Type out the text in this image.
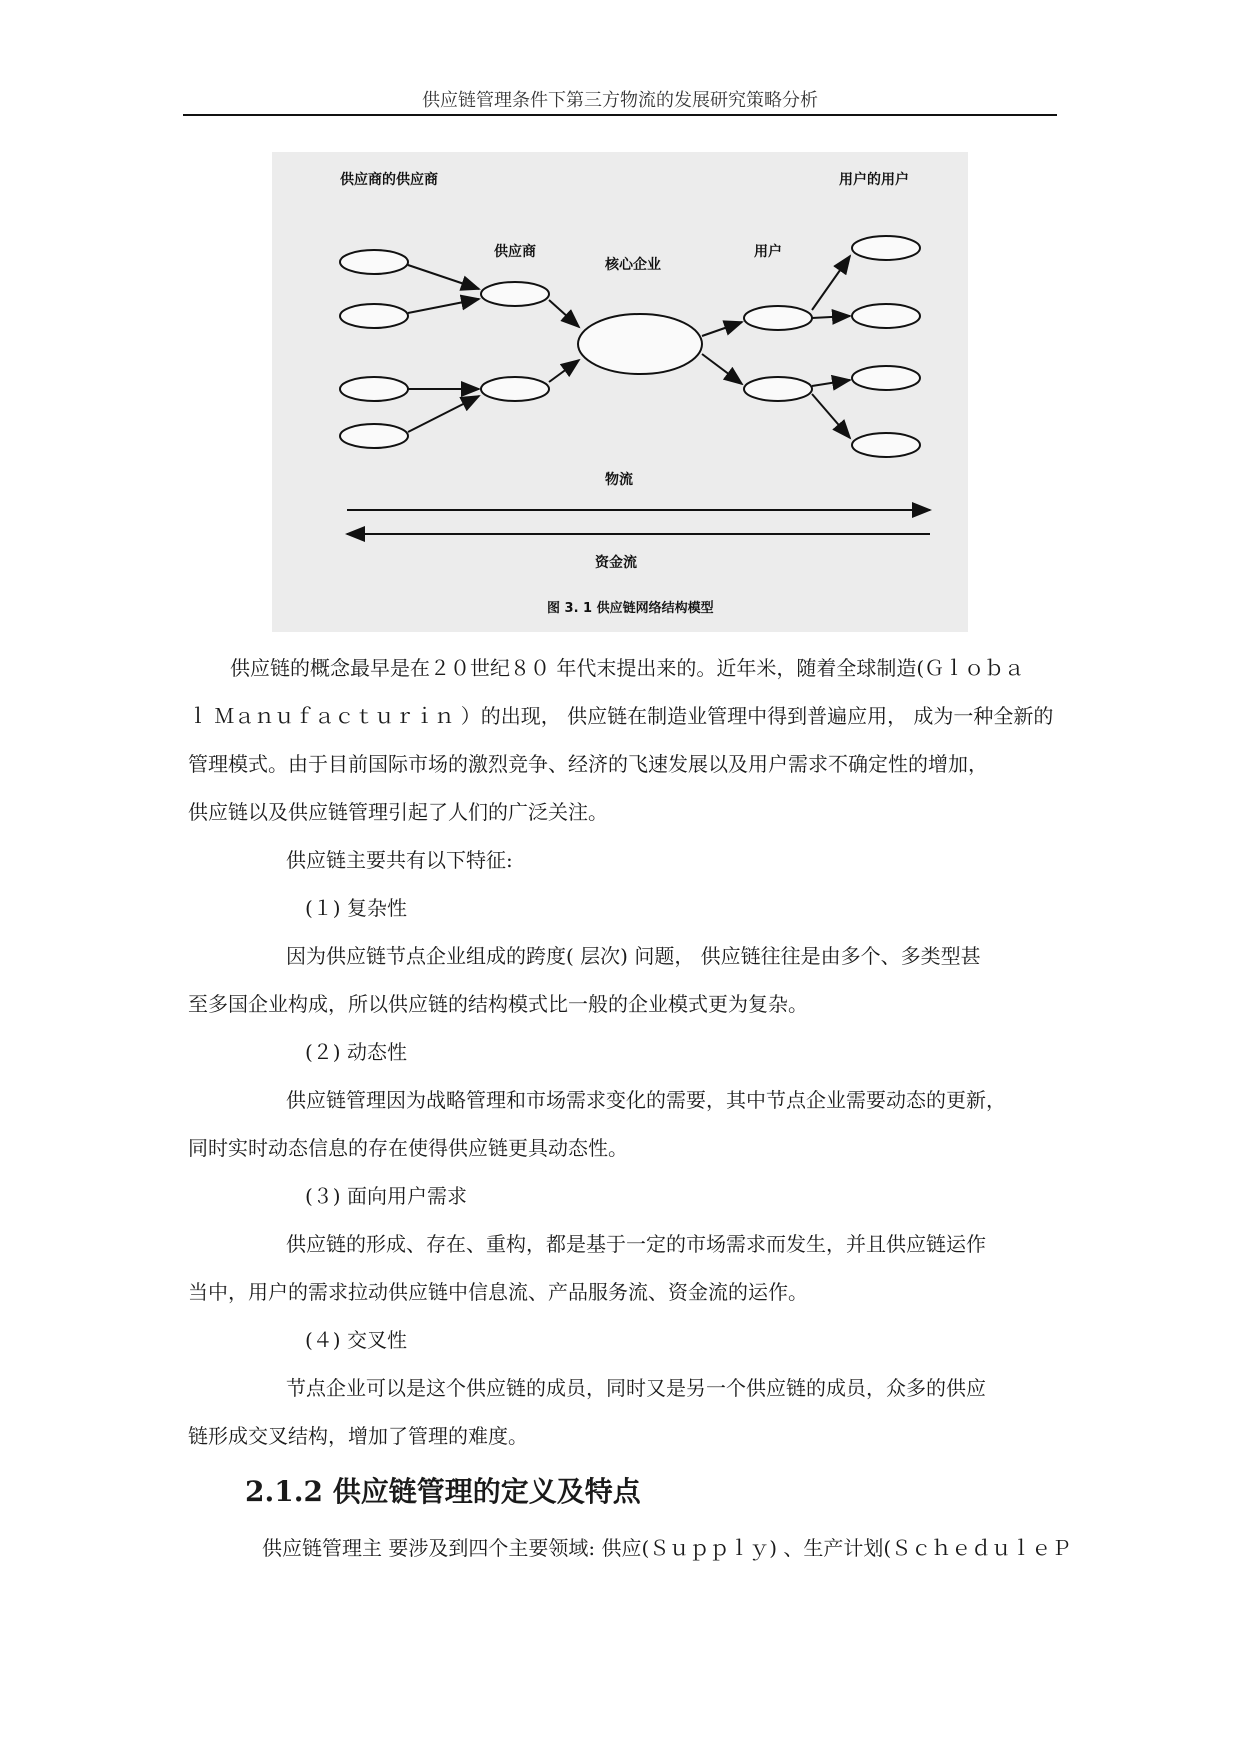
供应链管理条件下第三方物流的发展研究策略分析
供应商的供应商	用户的用户
供应商
核心企业
用户
物流
资金流
图 3. 1 供应链网络结构模型
供应链的概念最早是在２０世纪８０ 年代末提出来的。近年米，随着全球制造(Ｇｌｏｂａ
ｌ Ｍａｎｕｆａｃｔｕｒｉｎ ）的出现， 供应链在制造业管理中得到普遍应用， 成为一种全新的
管理模式。由于目前国际市场的激烈竞争、经济的飞速发展以及用户需求不确定性的增加，
供应链以及供应链管理引起了人们的广泛关注。
供应链主要共有以下特征:
(１) 复杂性
因为供应链节点企业组成的跨度( 层次) 问题， 供应链往往是由多个、多类型甚
至多国企业构成，所以供应链的结构模式比一般的企业模式更为复杂。
(２) 动态性
供应链管理因为战略管理和市场需求变化的需要，其中节点企业需要动态的更新，
同时实时动态信息的存在使得供应链更具动态性。
(３) 面向用户需求
供应链的形成、存在、重构，都是基于一定的市场需求而发生，并且供应链运作
当中，用户的需求拉动供应链中信息流、产品服务流、资金流的运作。
(４) 交叉性
节点企业可以是这个供应链的成员，同时又是另一个供应链的成员，众多的供应
链形成交叉结构，增加了管理的难度。
2.1.2 供应链管理的定义及特点
供应链管理主 要涉及到四个主要领域: 供应(Ｓｕｐｐｌｙ) 、生产计划(ＳｃｈｅｄｕｌｅＰ
